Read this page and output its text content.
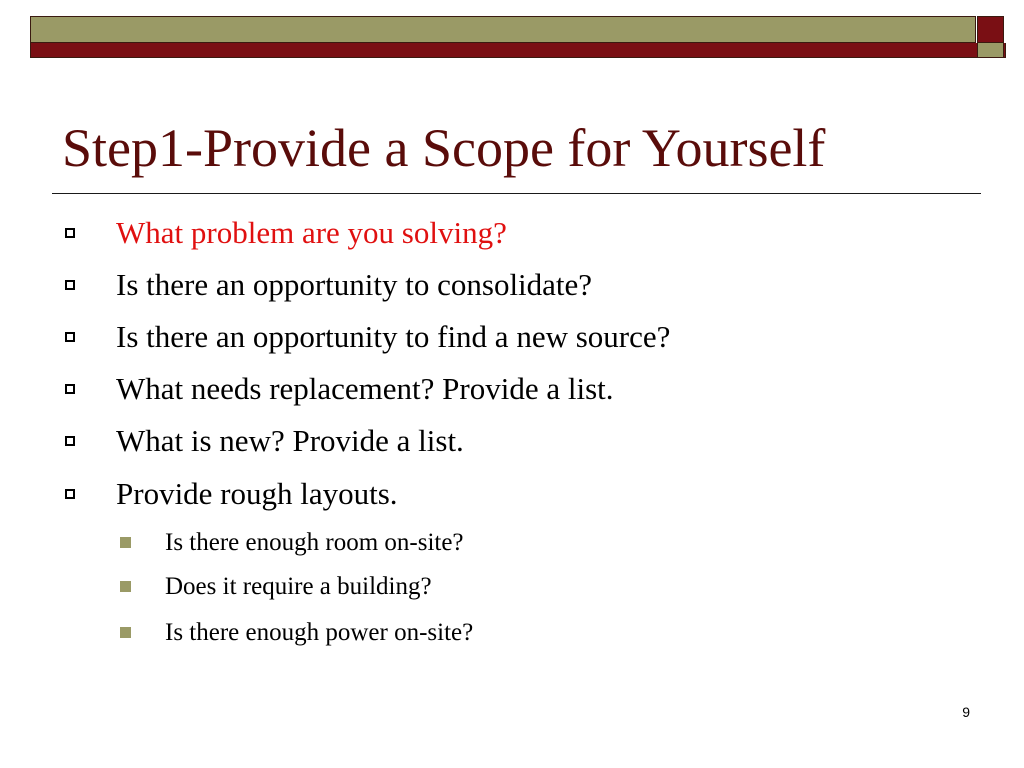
Step1-Provide a Scope for Yourself
What problem are you solving?
Is there an opportunity to consolidate?
Is there an opportunity to find a new source?
What needs replacement? Provide a list.
What is new? Provide a list.
Provide rough layouts.
Is there enough room on-site?
Does it require a building?
Is there enough power on-site?
9
